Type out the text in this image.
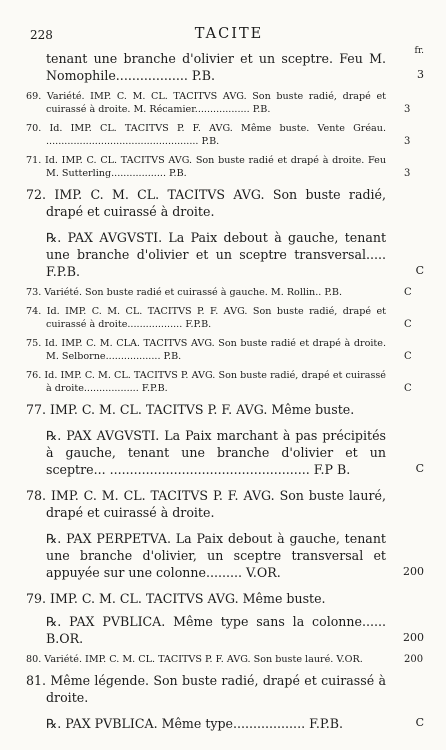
228	TACITE
fr.
tenant une branche d'olivier et un sceptre. Feu M. Nomophile.................. P.B.	3
69. Variété. IMP. C. M. CL. TACITVS AVG. Son buste radié, drapé et cuirassé à droite. M. Récamier.................. P.B.	3
70. Id. IMP. CL. TACITVS P. F. AVG. Même buste. Vente Gréau. .................................................. P.B.	3
71. Id. IMP. C. CL. TACITVS AVG. Son buste radié et drapé à droite. Feu M. Sutterling.................. P.B.	3
72. IMP. C. M. CL. TACITVS AVG. Son buste radié, drapé et cuirassé à droite.
℞. PAX AVGVSTI. La Paix debout à gauche, tenant une branche d'olivier et un sceptre transversal..... F.P.B.	C
73. Variété. Son buste radié et cuirassé à gauche. M. Rollin.. P.B.	C
74. Id. IMP. C. M. CL. TACITVS P. F. AVG. Son buste radié, drapé et cuirassé à droite.................. F.P.B.	C
75. Id. IMP. C. M. CLA. TACITVS AVG. Son buste radié et drapé à droite. M. Selborne.................. P.B.	C
76. Id. IMP. C. M. CL. TACITVS P. AVG. Son buste radié, drapé et cuirassé à droite.................. F.P.B.	C
77. IMP. C. M. CL. TACITVS P. F. AVG. Même buste.
℞. PAX AVGVSTI. La Paix marchant à pas précipités à gauche, tenant une branche d'olivier et un sceptre... .................................................. F.P B.	C
78. IMP. C. M. CL. TACITVS P. F. AVG. Son buste lauré, drapé et cuirassé à droite.
℞. PAX PERPETVA. La Paix debout à gauche, tenant une branche d'olivier, un sceptre transversal et appuyée sur une colonne......... V.OR.	200
79. IMP. C. M. CL. TACITVS AVG. Même buste.
℞. PAX PVBLICA. Même type sans la colonne...... B.OR.	200
80. Variété. IMP. C. M. CL. TACITVS P. F. AVG. Son buste lauré. V.OR.	200
81. Même légende. Son buste radié, drapé et cuirassé à droite.
℞. PAX PVBLICA. Même type.................. F.P.B.	C
